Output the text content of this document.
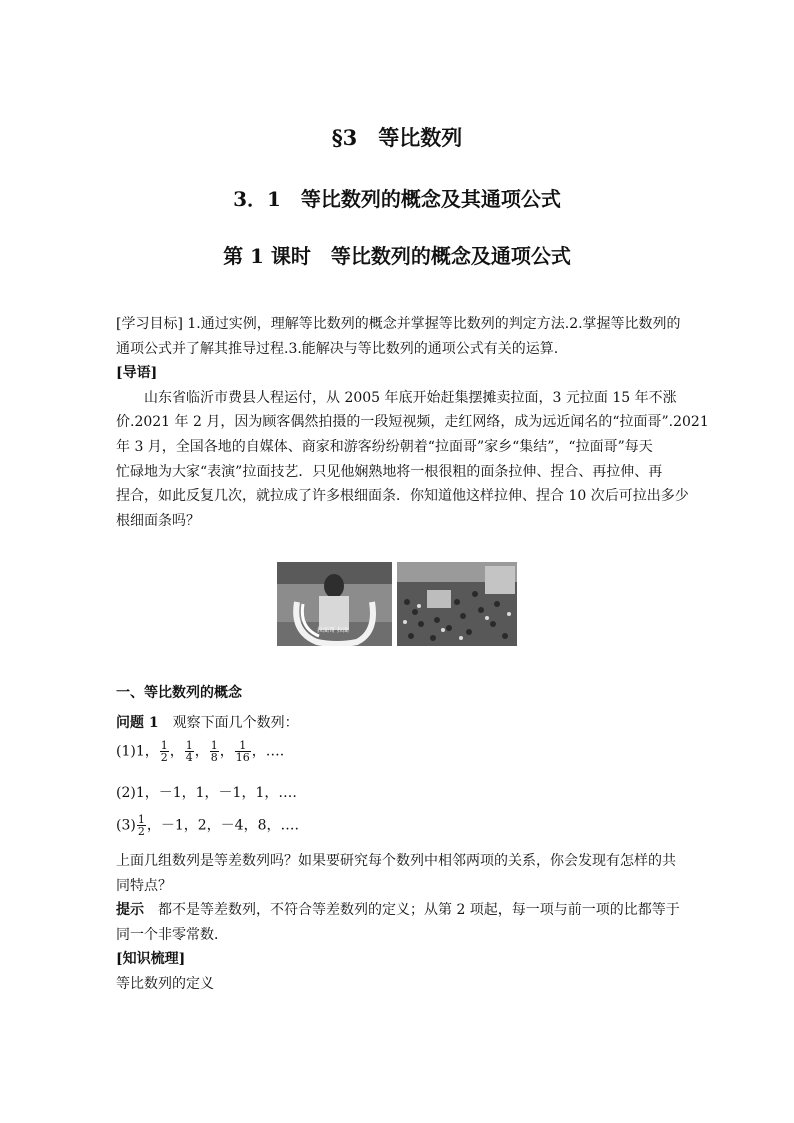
§3　等比数列
3．1　等比数列的概念及其通项公式
第 1 课时　等比数列的概念及通项公式
[学习目标] 1.通过实例，理解等比数列的概念并掌握等比数列的判定方法.2.掌握等比数列的
通项公式并了解其推导过程.3.能解决与等比数列的通项公式有关的运算.
[导语]
山东省临沂市费县人程运付，从 2005 年底开始赶集摆摊卖拉面，3 元拉面 15 年不涨
价.2021 年 2 月，因为顾客偶然拍摄的一段短视频，走红网络，成为远近闻名的“拉面哥”.2021
年 3 月，全国各地的自媒体、商家和游客纷纷朝着“拉面哥”家乡“集结”，“拉面哥”每天
忙碌地为大家“表演”拉面技艺．只见他娴熟地将一根很粗的面条拉伸、捏合、再拉伸、再
捏合，如此反复几次，就拉成了许多根细面条．你知道他这样拉伸、捏合 10 次后可拉出多少
根细面条吗？
拉面哥 拉面
一、等比数列的概念
问题 1　 观察下面几个数列：
(1)1， $\frac{1}{2}$ ， $\frac{1}{4}$ ， $\frac{1}{8}$ ， $\frac{1}{16}$ ，….
(2)1，－1，1，－1，1，….
$(3) \frac{1}{2}$ ，－1，2，－4，8，….
上面几组数列是等差数列吗？如果要研究每个数列中相邻两项的关系，你会发现有怎样的共
同特点？
提示　 都不是等差数列，不符合等差数列的定义；从第 2 项起，每一项与前一项的比都等于
同一个非零常数．
[知识梳理]
等比数列的定义
